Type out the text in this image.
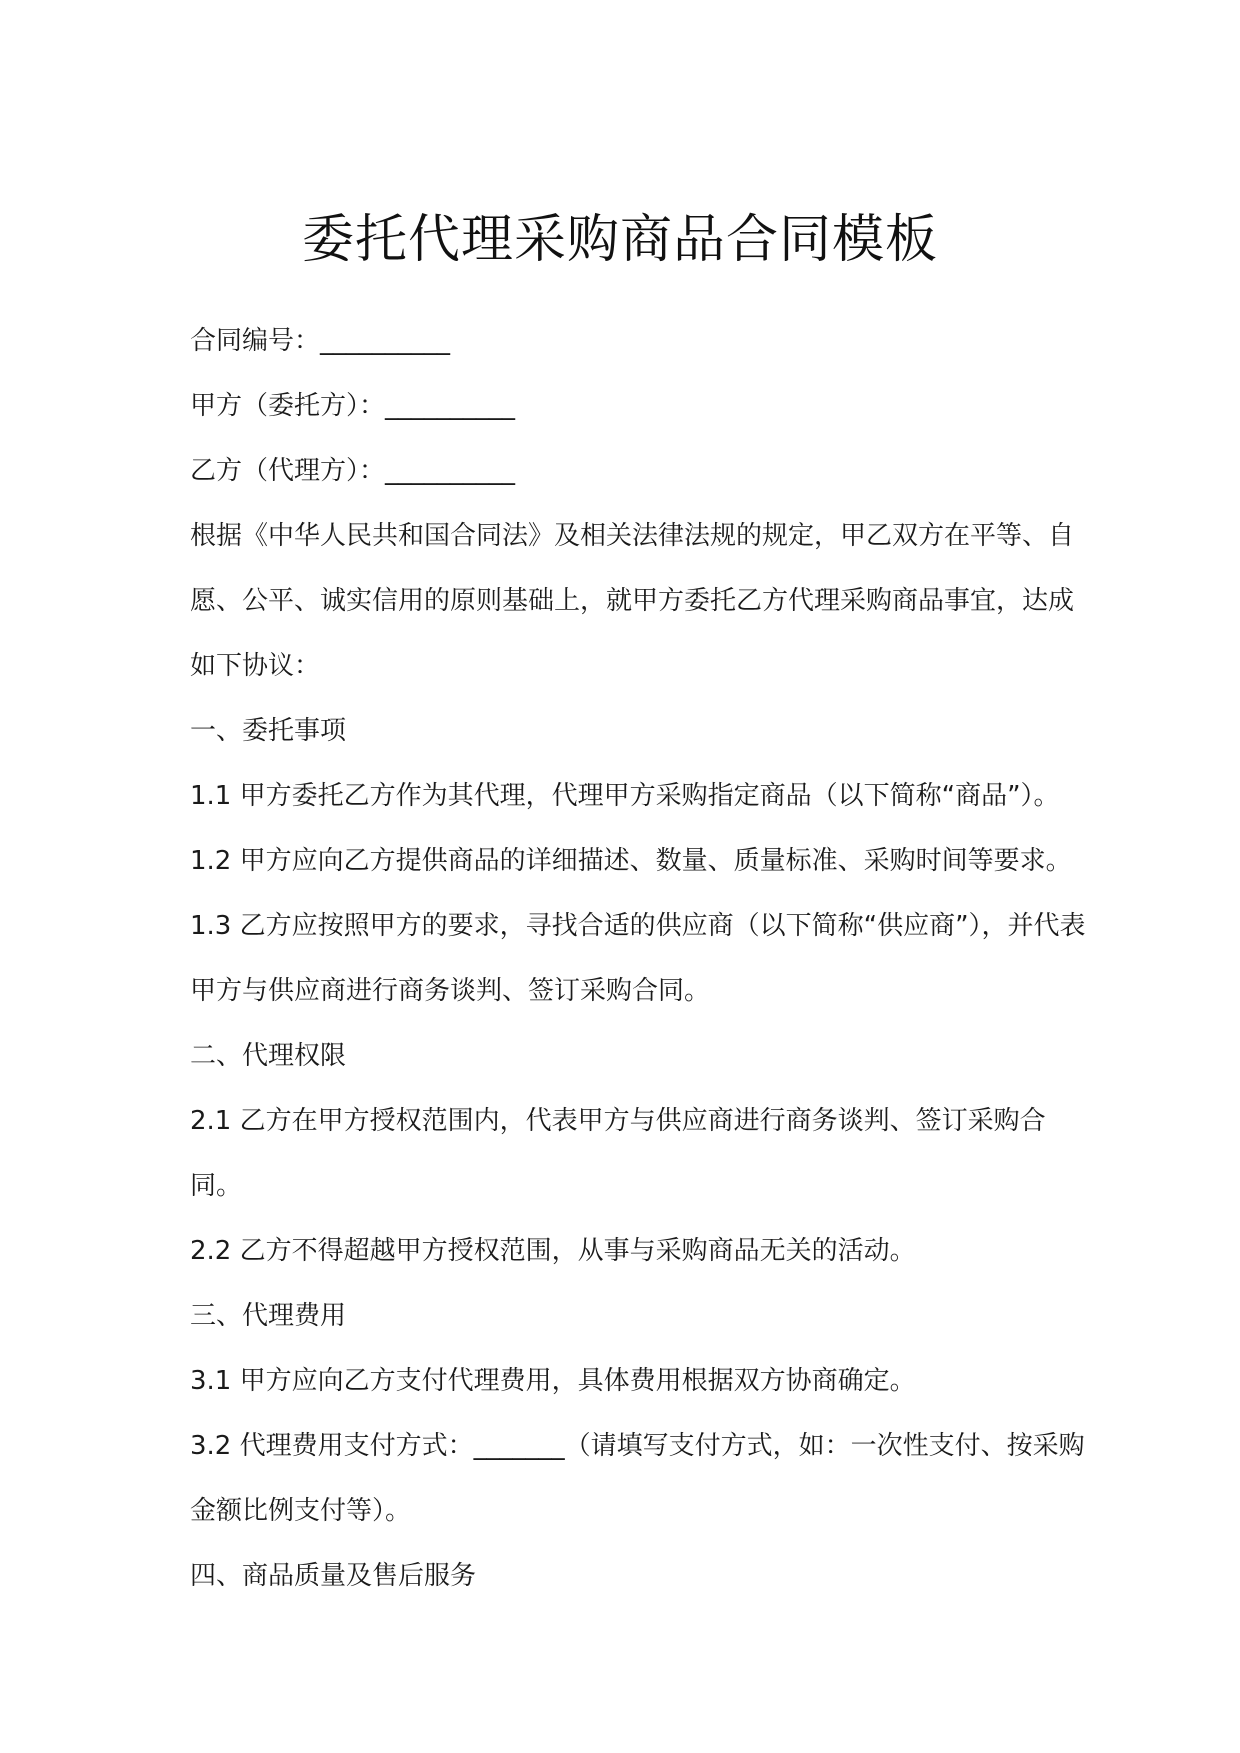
委托代理采购商品合同模板
合同编号：__________
甲方（委托方）：__________
乙方（代理方）：__________
根据《中华人民共和国合同法》及相关法律法规的规定，甲乙双方在平等、自
愿、公平、诚实信用的原则基础上，就甲方委托乙方代理采购商品事宜，达成
如下协议：
一、委托事项
1.1 甲方委托乙方作为其代理，代理甲方采购指定商品（以下简称“商品”）。
1.2 甲方应向乙方提供商品的详细描述、数量、质量标准、采购时间等要求。
1.3 乙方应按照甲方的要求，寻找合适的供应商（以下简称“供应商”），并代表
甲方与供应商进行商务谈判、签订采购合同。
二、代理权限
2.1 乙方在甲方授权范围内，代表甲方与供应商进行商务谈判、签订采购合
同。
2.2 乙方不得超越甲方授权范围，从事与采购商品无关的活动。
三、代理费用
3.1 甲方应向乙方支付代理费用，具体费用根据双方协商确定。
3.2 代理费用支付方式：_______（请填写支付方式，如：一次性支付、按采购
金额比例支付等）。
四、商品质量及售后服务
